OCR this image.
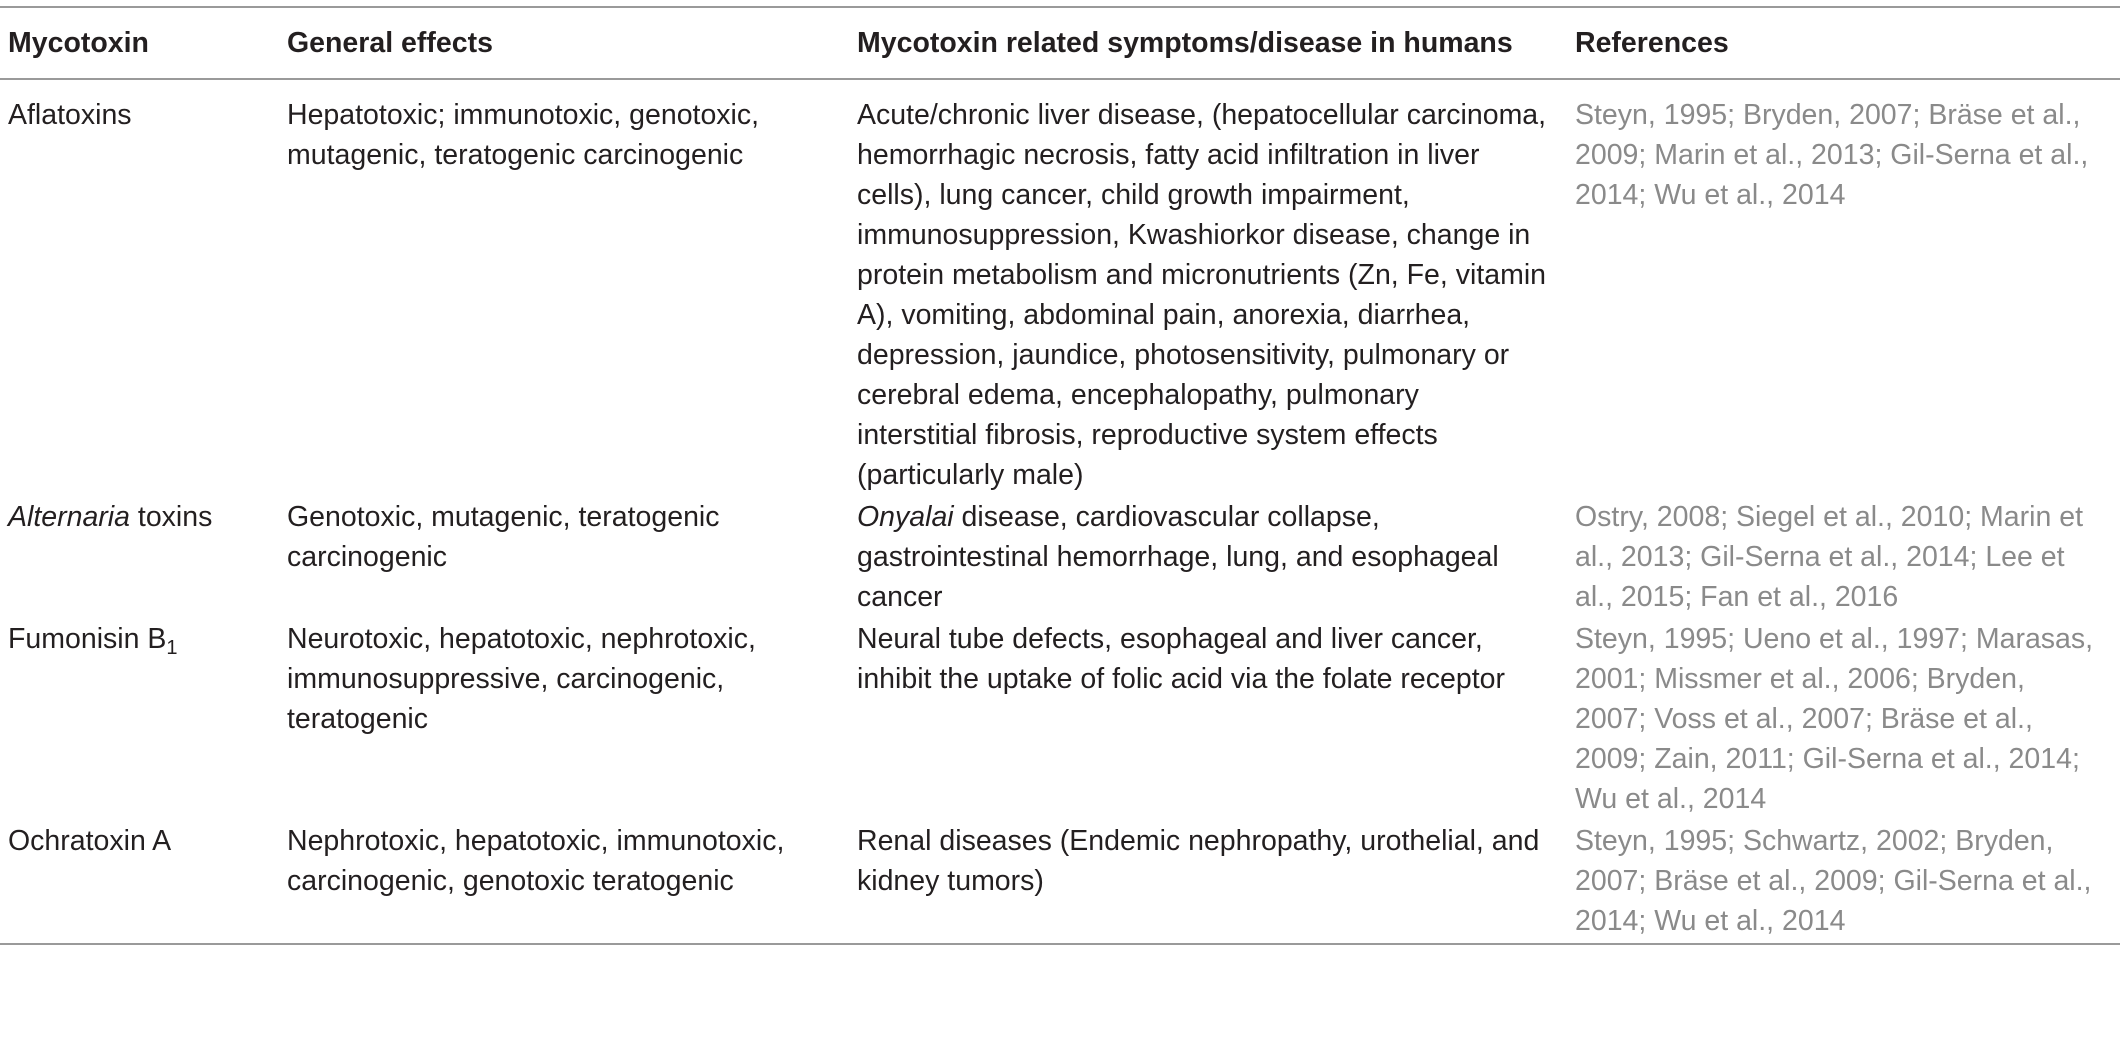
Mycotoxin	General effects	Mycotoxin related symptoms/disease in humans	References
Aflatoxins	Hepatotoxic; immunotoxic, genotoxic, mutagenic, teratogenic carcinogenic	Acute/chronic liver disease, (hepatocellular carcinoma, hemorrhagic necrosis, fatty acid infiltration in liver cells), lung cancer, child growth impairment, immunosuppression, Kwashiorkor disease, change in protein metabolism and micronutrients (Zn, Fe, vitamin A), vomiting, abdominal pain, anorexia, diarrhea, depression, jaundice, photosensitivity, pulmonary or cerebral edema, encephalopathy, pulmonary interstitial fibrosis, reproductive system effects (particularly male)	Steyn, 1995; Bryden, 2007; Bräse et al., 2009; Marin et al., 2013; Gil-Serna et al., 2014; Wu et al., 2014
Alternaria toxins	Genotoxic, mutagenic, teratogenic carcinogenic	Onyalai disease, cardiovascular collapse, gastrointestinal hemorrhage, lung, and esophageal cancer	Ostry, 2008; Siegel et al., 2010; Marin et al., 2013; Gil-Serna et al., 2014; Lee et al., 2015; Fan et al., 2016
Fumonisin $B_1$	Neurotoxic, hepatotoxic, nephrotoxic, immunosuppressive, carcinogenic, teratogenic	Neural tube defects, esophageal and liver cancer, inhibit the uptake of folic acid via the folate receptor	Steyn, 1995; Ueno et al., 1997; Marasas, 2001; Missmer et al., 2006; Bryden, 2007; Voss et al., 2007; Bräse et al., 2009; Zain, 2011; Gil-Serna et al., 2014; Wu et al., 2014
Ochratoxin A	Nephrotoxic, hepatotoxic, immunotoxic, carcinogenic, genotoxic teratogenic	Renal diseases (Endemic nephropathy, urothelial, and kidney tumors)	Steyn, 1995; Schwartz, 2002; Bryden, 2007; Bräse et al., 2009; Gil-Serna et al., 2014; Wu et al., 2014
